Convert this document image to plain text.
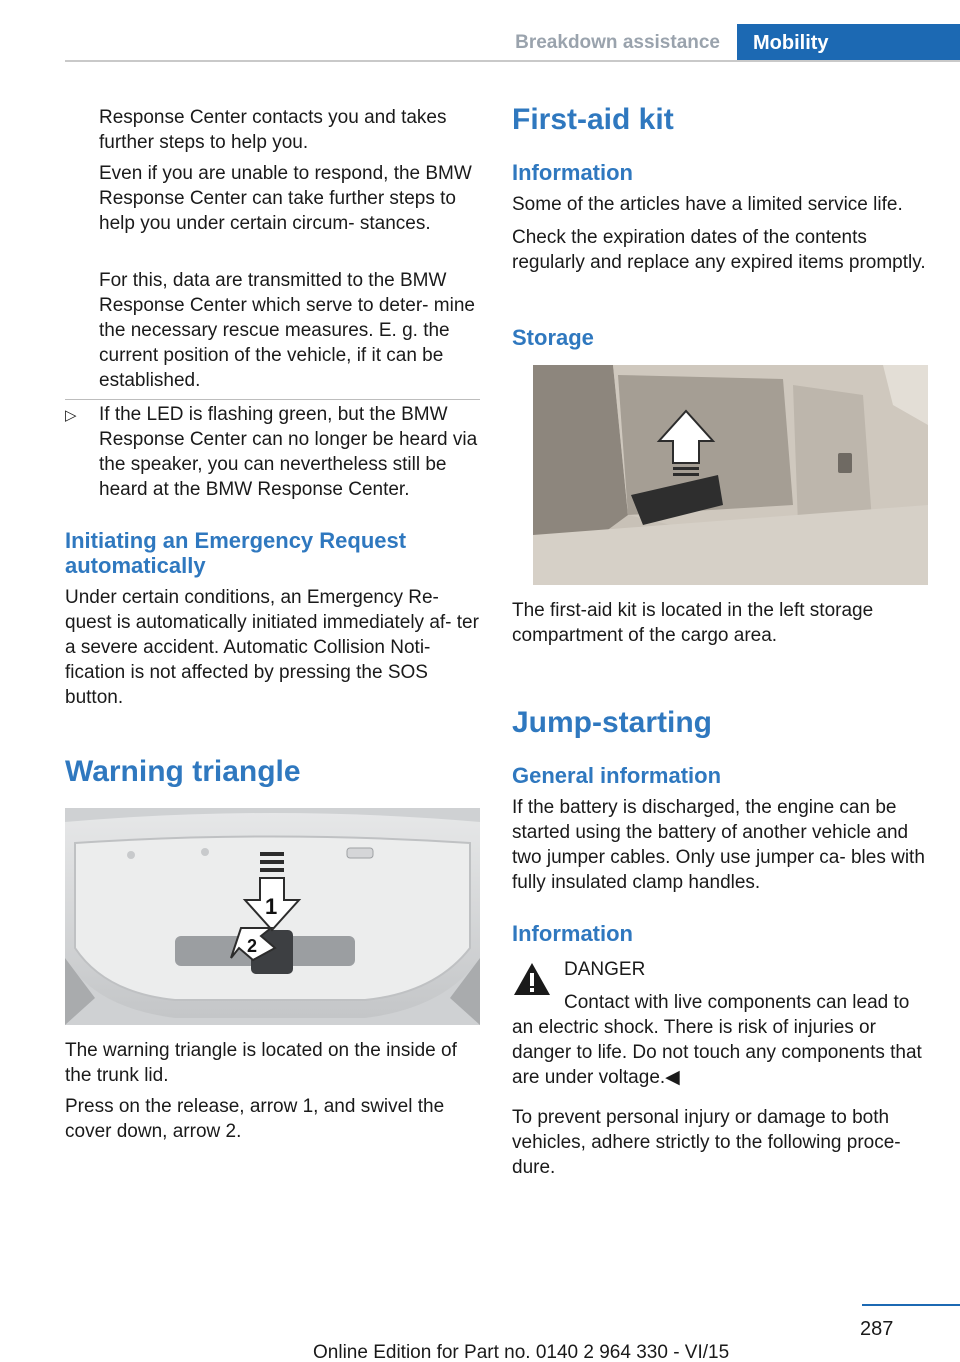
Breakdown assistance	Mobility

Response Center contacts you and takes further steps to help you.

Even if you are unable to respond, the BMW Response Center can take further steps to help you under certain circum‐ stances.

For this, data are transmitted to the BMW Response Center which serve to deter‐ mine the necessary rescue measures. E. g. the current position of the vehicle, if it can be established.

▷ If the LED is flashing green, but the BMW Response Center can no longer be heard via the speaker, you can nevertheless still be heard at the BMW Response Center.
Initiating an Emergency Request automatically

Under certain conditions, an Emergency Re‐ quest is automatically initiated immediately af‐ ter a severe accident. Automatic Collision Noti‐ fication is not affected by pressing the SOS button.

Warning triangle
1
2

The warning triangle is located on the inside of the trunk lid.

Press on the release, arrow 1, and swivel the cover down, arrow 2.

First-aid kit
Information

Some of the articles have a limited service life.

Check the expiration dates of the contents regularly and replace any expired items promptly.

Storage

The first-aid kit is located in the left storage compartment of the cargo area.

Jump-starting
General information

If the battery is discharged, the engine can be started using the battery of another vehicle and two jumper cables. Only use jumper ca‐ bles with fully insulated clamp handles.

Information
DANGER

Contact with live components can lead to an electric shock. There is risk of injuries or danger to life. Do not touch any components that are under voltage.◀

To prevent personal injury or damage to both vehicles, adhere strictly to the following proce‐ dure.

287
Online Edition for Part no. 0140 2 964 330 - VI/15
